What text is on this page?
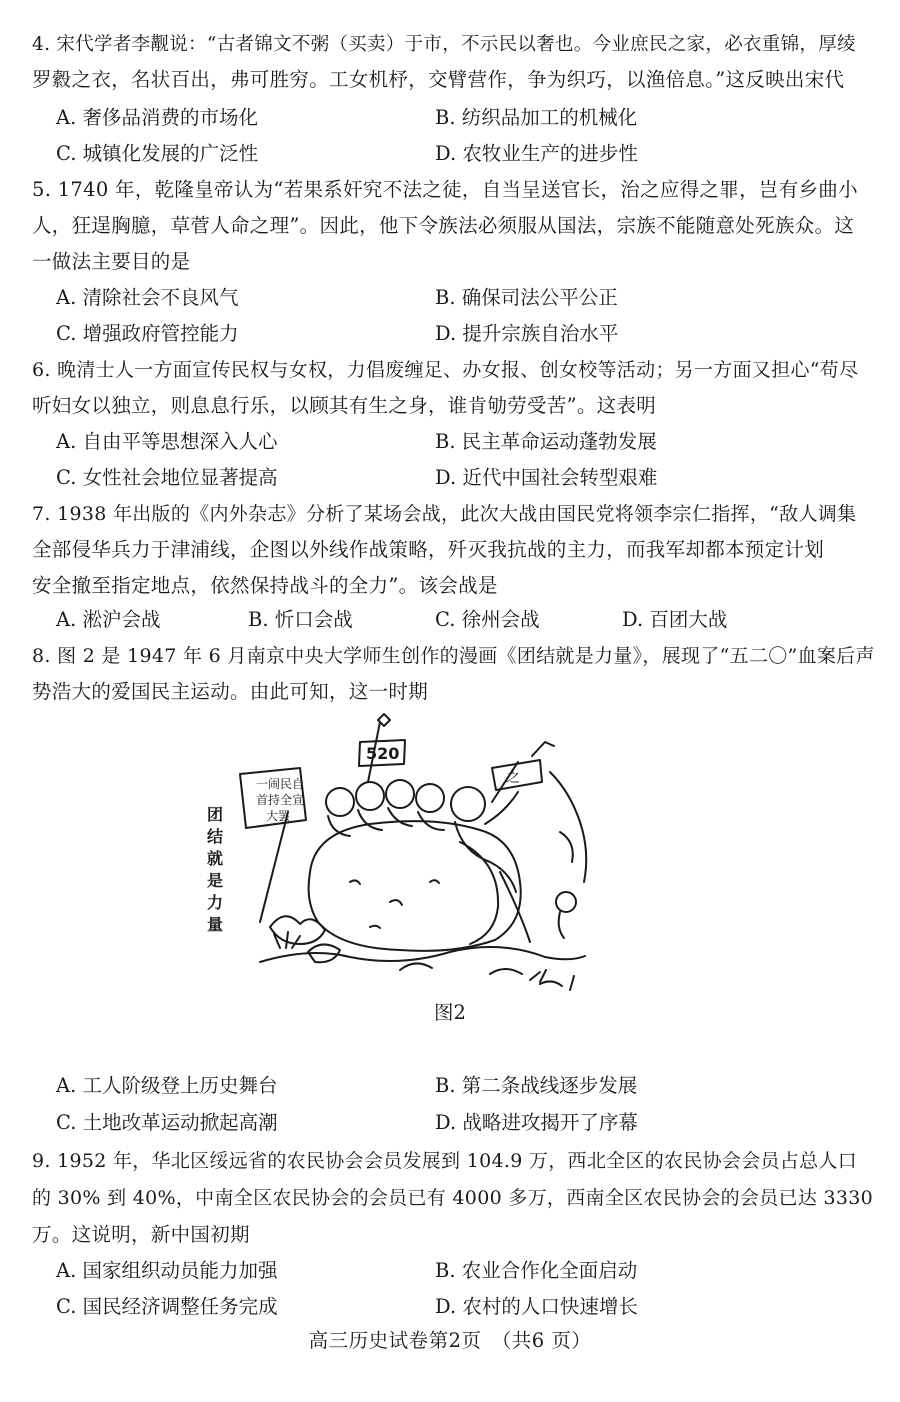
4. 宋代学者李觏说：“古者锦文不粥（买卖）于市，不示民以奢也。今业庶民之家，必衣重锦，厚绫
罗縠之衣，名状百出，弗可胜穷。工女机杼，交臂营作，争为织巧，以渔倍息。”这反映出宋代
A. 奢侈品消费的市场化	B. 纺织品加工的机械化
C. 城镇化发展的广泛性	D. 农牧业生产的进步性
5. 1740 年，乾隆皇帝认为“若果系奸究不法之徒，自当呈送官长，治之应得之罪，岂有乡曲小
人，狂逞胸臆，草菅人命之理”。因此，他下令族法必须服从国法，宗族不能随意处死族众。这
一做法主要目的是
A. 清除社会不良风气	B. 确保司法公平公正
C. 增强政府管控能力	D. 提升宗族自治水平
6. 晚清士人一方面宣传民权与女权，力倡废缠足、办女报、创女校等活动；另一方面又担心“苟尽
听妇女以独立，则息息行乐，以顾其有生之身，谁肯劬劳受苦”。这表明
A. 自由平等思想深入人心	B. 民主革命运动蓬勃发展
C. 女性社会地位显著提高	D. 近代中国社会转型艰难
7. 1938 年出版的《内外杂志》分析了某场会战，此次大战由国民党将领李宗仁指挥，“敌人调集
全部侵华兵力于津浦线，企图以外线作战策略，歼灭我抗战的主力，而我军却都本预定计划
安全撤至指定地点，依然保持战斗的全力”。该会战是
A. 淞沪会战	B. 忻口会战	C. 徐州会战	D. 百团大战
8. 图 2 是 1947 年 6 月南京中央大学师生创作的漫画《团结就是力量》，展现了“五二〇”血案后声
势浩大的爱国民主运动。由此可知，这一时期
一闹民自
首持全宣
大罢
520
之
团结就是力量
图2
A. 工人阶级登上历史舞台	B. 第二条战线逐步发展
C. 土地改革运动掀起高潮	D. 战略进攻揭开了序幕
9. 1952 年，华北区绥远省的农民协会会员发展到 104.9 万，西北全区的农民协会会员占总人口
的 30% 到 40%，中南全区农民协会的会员已有 4000 多万，西南全区农民协会的会员已达 3330
万。这说明，新中国初期
A. 国家组织动员能力加强	B. 农业合作化全面启动
C. 国民经济调整任务完成	D. 农村的人口快速增长
高三历史试卷第2页　（共6 页）
